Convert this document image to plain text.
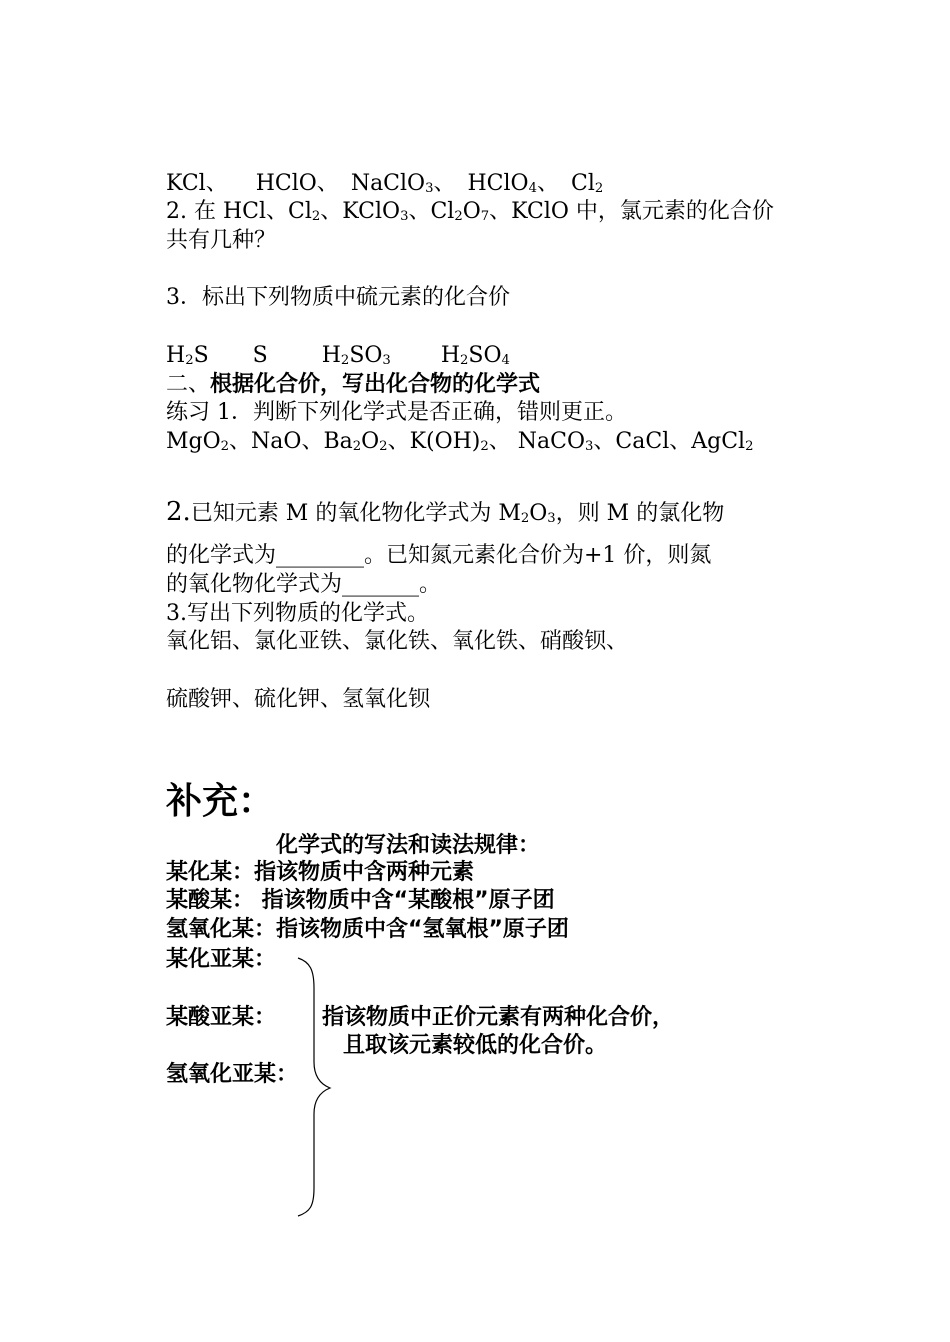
KCl、 HClO、 NaClO$_3$、 HClO$_4$、 $Cl_2$
2. 在 HCl、$Cl_2$、KClO$_3$、$Cl_2O_7$、KClO 中，氯元素的化合价
共有几种？
3．标出下列物质中硫元素的化合价
$H_2S$ S $H_2SO_3$ $H_2SO_4$
二、根据化合价，写出化合物的化学式
练习 1．判断下列化学式是否正确，错则更正。
MgO$_2$、NaO、$Ba_2O_2$、$K(OH)_2$、 NaCO$_3$、CaCl、AgCl$_2$
2.已知元素 M 的氧化物化学式为 $M_2O_3$，则 M 的氯化物
的化学式为________。已知氮元素化合价为+1 价，则氮
的氧化物化学式为_______。
3.写出下列物质的化学式。
氧化铝、氯化亚铁、氯化铁、氧化铁、硝酸钡、
硫酸钾、硫化钾、氢氧化钡
补充：
化学式的写法和读法规律：
某化某：指该物质中含两种元素
某酸某： 指该物质中含“某酸根”原子团
氢氧化某：指该物质中含“氢氧根”原子团
某化亚某：
某酸亚某：
氢氧化亚某：
指该物质中正价元素有两种化合价，
且取该元素较低的化合价。
